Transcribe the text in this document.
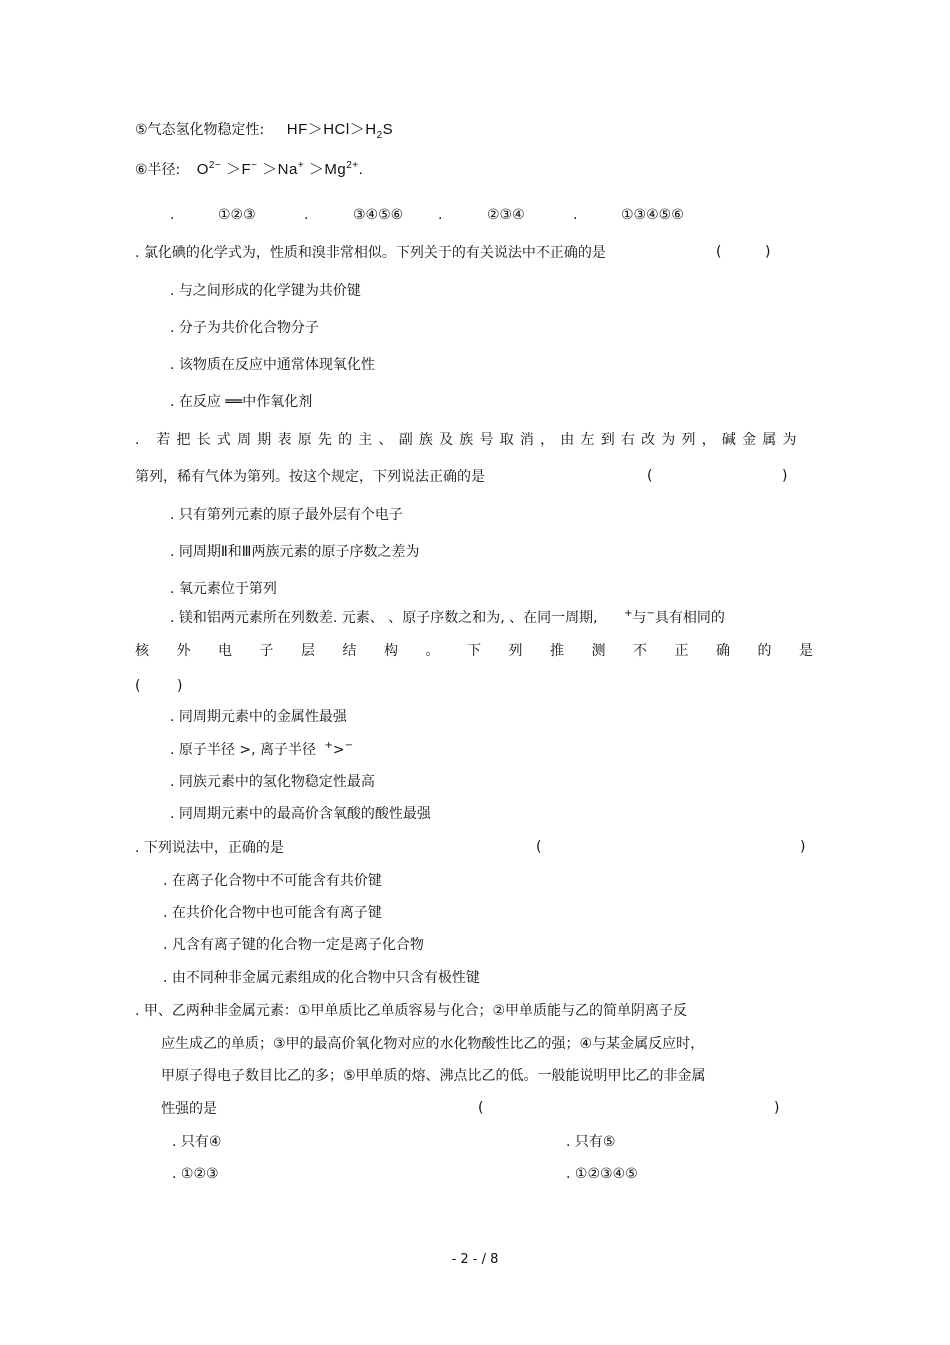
⑤气态氢化物稳定性: $HF>HCl>H_2S$
⑥半径: $O^{2-} >F^- >Na^+ >Mg^{2+}$.
.	①②③	.	③④⑤⑥ .	②③④	.	①③④⑤⑥
. 氯化碘的化学式为，性质和溴非常相似。下列关于的有关说法中不正确的是	(	)
. 与之间形成的化学键为共价键
. 分子为共价化合物分子
. 该物质在反应中通常体现氧化性
. 在反应 ══中作氧化剂
. 若把长式周期表原先的主、副族及族号取消，由左到右改为列，碱金属为
第列，稀有气体为第列。按这个规定，下列说法正确的是	(	)
. 只有第列元素的原子最外层有个电子
. 同周期Ⅱ和Ⅲ两族元素的原子序数之差为
. 氧元素位于第列
. 镁和铝两元素所在列数差. 元素、 、原子序数之和为, 、在同一周期,	+与−具有相同的
核 外 电 子 层 结 构 。 下 列 推 测 不 正 确 的 是
(	)
. 同周期元素中的金属性最强
. 原子半径 >, 离子半径 +>−
. 同族元素中的氢化物稳定性最高
. 同周期元素中的最高价含氧酸的酸性最强
. 下列说法中，正确的是	(	)
. 在离子化合物中不可能含有共价键
. 在共价化合物中也可能含有离子键
. 凡含有离子键的化合物一定是离子化合物
. 由不同种非金属元素组成的化合物中只含有极性键
. 甲、乙两种非金属元素：①甲单质比乙单质容易与化合；②甲单质能与乙的简单阴离子反
应生成乙的单质；③甲的最高价氧化物对应的水化物酸性比乙的强；④与某金属反应时，
甲原子得电子数目比乙的多；⑤甲单质的熔、沸点比乙的低。一般能说明甲比乙的非金属
性强的是	(	)
. 只有④	. 只有⑤
. ①②③	. ①②③④⑤
- 2 - / 8
